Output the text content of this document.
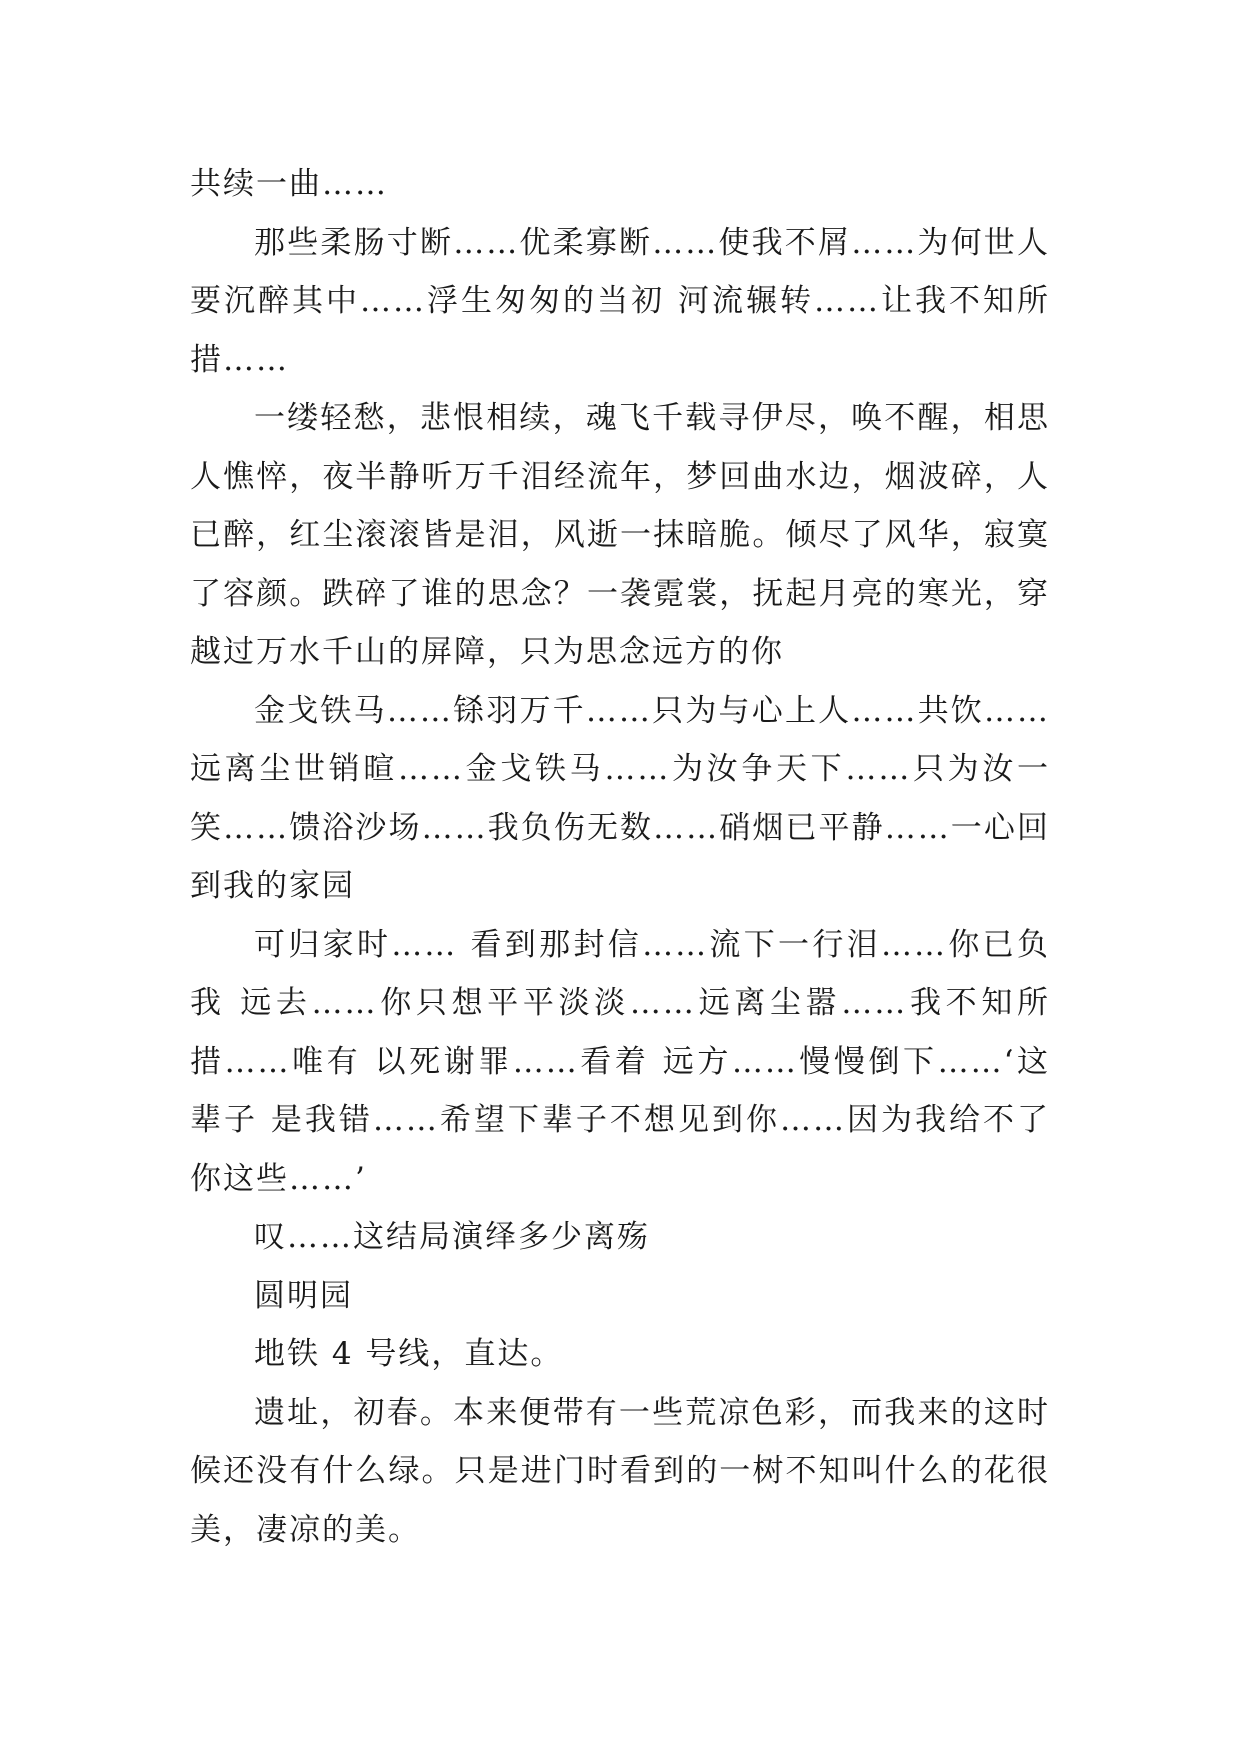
共续一曲……

那些柔肠寸断……优柔寡断……使我不屑……为何世人 要沉醉其中……浮生匆匆的当初 河流辗转……让我不知所措……

一缕轻愁，悲恨相续，魂飞千载寻伊尽，唤不醒，相思人憔悴，夜半静听万千泪经流年，梦回曲水边，烟波碎，人已醉，红尘滚滚皆是泪，风逝一抹暗脆。倾尽了风华，寂寞了容颜。跌碎了谁的思念？一袭霓裳，抚起月亮的寒光，穿越过万水千山的屏障，只为思念远方的你

金戈铁马……铩羽万千……只为与心上人……共饮……远离尘世销暄……金戈铁马……为汝争天下……只为汝一笑……馈浴沙场……我负伤无数……硝烟已平静……一心回到我的家园

可归家时…… 看到那封信……流下一行泪……你已负我 远去……你只想平平淡淡……远离尘嚣……我不知所措……唯有 以死谢罪……看着 远方……慢慢倒下……‘这辈子 是我错……希望下辈子不想见到你……因为我给不了你这些……’

叹……这结局演绎多少离殇

圆明园

地铁 4 号线，直达。

遗址，初春。本来便带有一些荒凉色彩，而我来的这时候还没有什么绿。只是进门时看到的一树不知叫什么的花很美，凄凉的美。
